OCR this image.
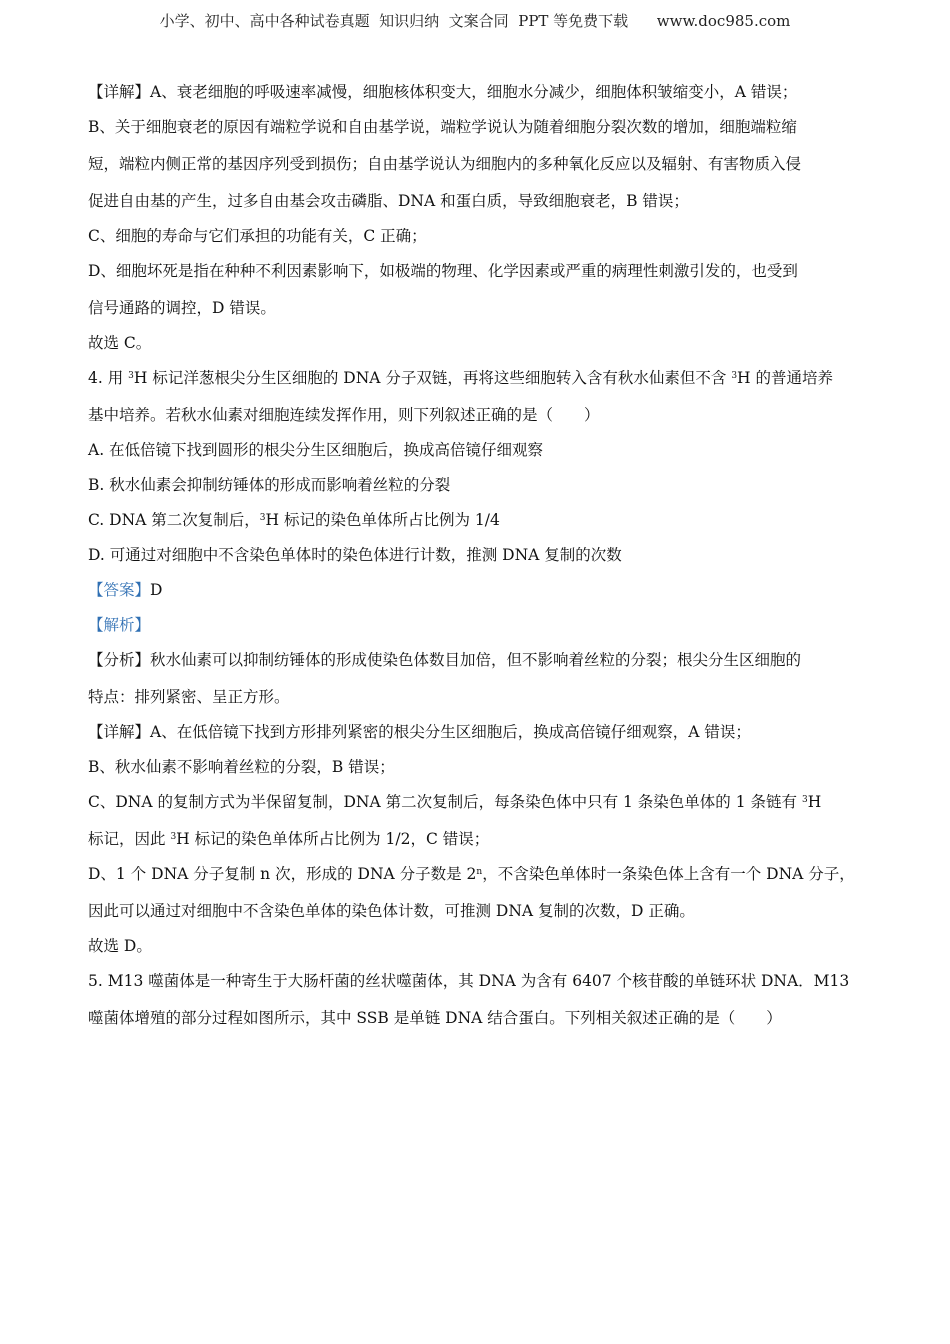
小学、初中、高中各种试卷真题  知识归纳  文案合同  PPT 等免费下载      www.doc985.com
【详解】A、衰老细胞的呼吸速率减慢，细胞核体积变大，细胞水分减少，细胞体积皱缩变小，A 错误；
B、关于细胞衰老的原因有端粒学说和自由基学说，端粒学说认为随着细胞分裂次数的增加，细胞端粒缩
短，端粒内侧正常的基因序列受到损伤；自由基学说认为细胞内的多种氧化反应以及辐射、有害物质入侵
促进自由基的产生，过多自由基会攻击磷脂、DNA 和蛋白质，导致细胞衰老，B 错误；
C、细胞的寿命与它们承担的功能有关，C 正确；
D、细胞坏死是指在种种不利因素影响下，如极端的物理、化学因素或严重的病理性刺激引发的，也受到
信号通路的调控，D 错误。
故选 C。
4. 用 $^3$H 标记洋葱根尖分生区细胞的 DNA 分子双链，再将这些细胞转入含有秋水仙素但不含 $^3$H 的普通培养
基中培养。若秋水仙素对细胞连续发挥作用，则下列叙述正确的是（　　）
A. 在低倍镜下找到圆形的根尖分生区细胞后，换成高倍镜仔细观察
B. 秋水仙素会抑制纺锤体的形成而影响着丝粒的分裂
C. DNA 第二次复制后，$^3$H 标记的染色单体所占比例为 1/4
D. 可通过对细胞中不含染色单体时的染色体进行计数，推测 DNA 复制的次数
【答案】D
【解析】
【分析】秋水仙素可以抑制纺锤体的形成使染色体数目加倍，但不影响着丝粒的分裂；根尖分生区细胞的
特点：排列紧密、呈正方形。
【详解】A、在低倍镜下找到方形排列紧密的根尖分生区细胞后，换成高倍镜仔细观察，A 错误；
B、秋水仙素不影响着丝粒的分裂，B 错误；
C、DNA 的复制方式为半保留复制，DNA 第二次复制后，每条染色体中只有 1 条染色单体的 1 条链有 $^3$H
标记，因此 $^3$H 标记的染色单体所占比例为 1/2，C 错误；
D、1 个 DNA 分子复制 n 次，形成的 DNA 分子数是 2$^n$，不含染色单体时一条染色体上含有一个 DNA 分子，
因此可以通过对细胞中不含染色单体的染色体计数，可推测 DNA 复制的次数，D 正确。
故选 D。
5. M13 噬菌体是一种寄生于大肠杆菌的丝状噬菌体，其 DNA 为含有 6407 个核苷酸的单链环状 DNA．M13
噬菌体增殖的部分过程如图所示，其中 SSB 是单链 DNA 结合蛋白。下列相关叙述正确的是（　　）
